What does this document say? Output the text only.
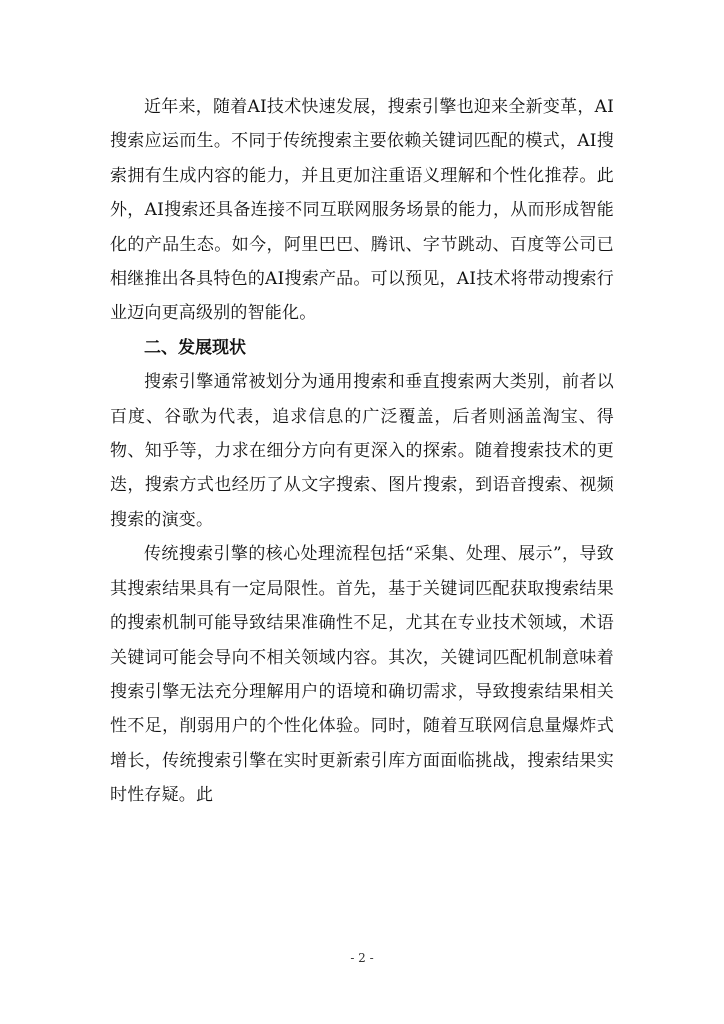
近年来，随着AI技术快速发展，搜索引擎也迎来全新变革，AI搜索应运而生。不同于传统搜索主要依赖关键词匹配的模式，AI搜索拥有生成内容的能力，并且更加注重语义理解和个性化推荐。此外，AI搜索还具备连接不同互联网服务场景的能力，从而形成智能化的产品生态。如今，阿里巴巴、腾讯、字节跳动、百度等公司已相继推出各具特色的AI搜索产品。可以预见，AI技术将带动搜索行业迈向更高级别的智能化。

二、发展现状

搜索引擎通常被划分为通用搜索和垂直搜索两大类别，前者以百度、谷歌为代表，追求信息的广泛覆盖，后者则涵盖淘宝、得物、知乎等，力求在细分方向有更深入的探索。随着搜索技术的更迭，搜索方式也经历了从文字搜索、图片搜索，到语音搜索、视频搜索的演变。

传统搜索引擎的核心处理流程包括“采集、处理、展示”，导致其搜索结果具有一定局限性。首先，基于关键词匹配获取搜索结果的搜索机制可能导致结果准确性不足，尤其在专业技术领域，术语关键词可能会导向不相关领域内容。其次，关键词匹配机制意味着搜索引擎无法充分理解用户的语境和确切需求，导致搜索结果相关性不足，削弱用户的个性化体验。同时，随着互联网信息量爆炸式增长，传统搜索引擎在实时更新索引库方面面临挑战，搜索结果实时性存疑。此

- 2 -
